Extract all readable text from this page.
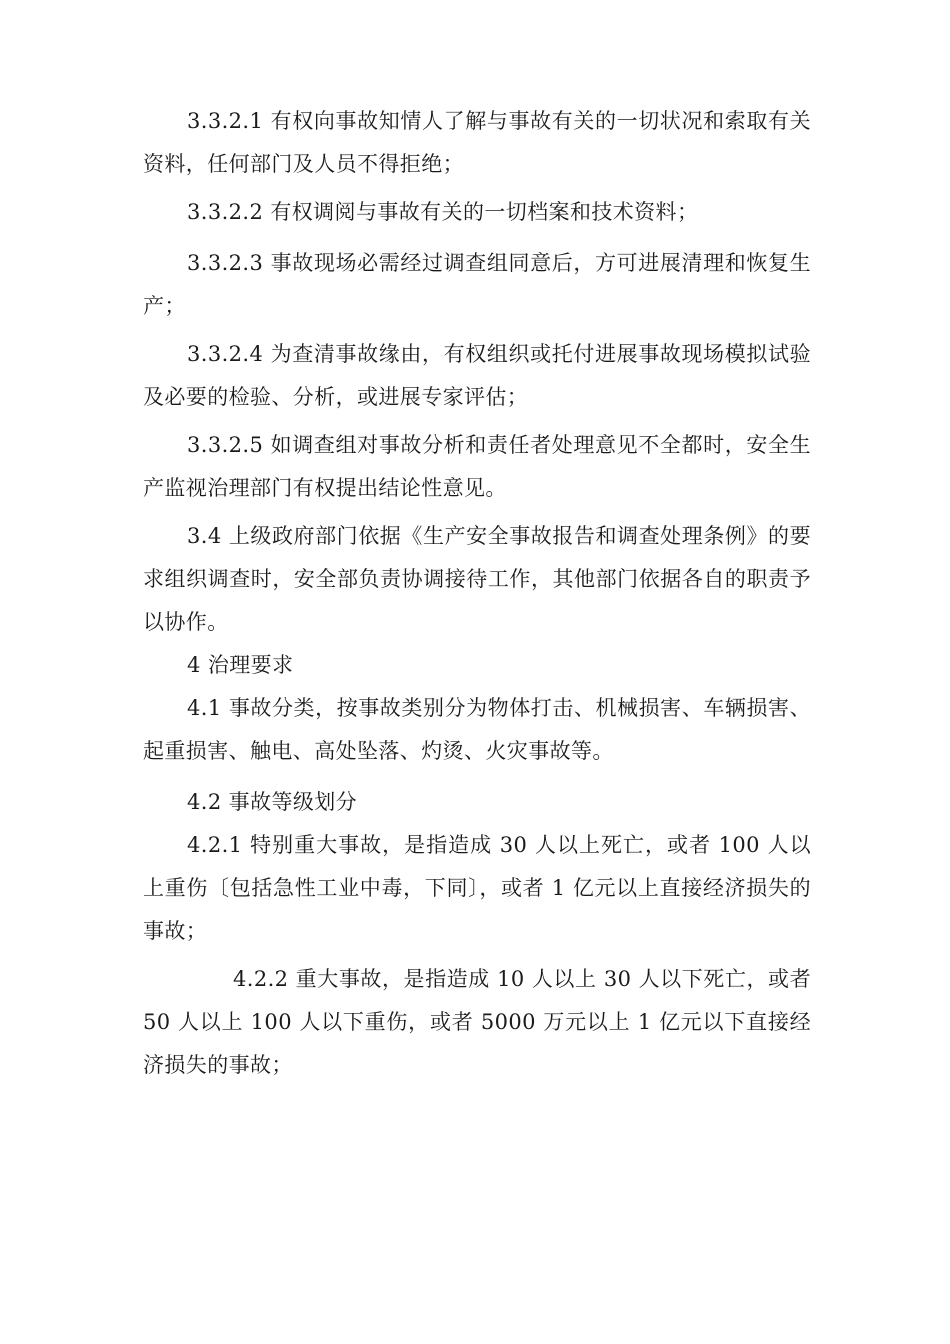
3.3.2.1 有权向事故知情人了解与事故有关的一切状况和索取有关资料，任何部门及人员不得拒绝；

3.3.2.2 有权调阅与事故有关的一切档案和技术资料；

3.3.2.3 事故现场必需经过调查组同意后，方可进展清理和恢复生产；

3.3.2.4 为查清事故缘由，有权组织或托付进展事故现场模拟试验及必要的检验、分析，或进展专家评估；

3.3.2.5 如调查组对事故分析和责任者处理意见不全都时，安全生产监视治理部门有权提出结论性意见。

3.4 上级政府部门依据《生产安全事故报告和调查处理条例》的要求组织调查时，安全部负责协调接待工作，其他部门依据各自的职责予以协作。

4 治理要求

4.1 事故分类，按事故类别分为物体打击、机械损害、车辆损害、起重损害、触电、高处坠落、灼烫、火灾事故等。

4.2 事故等级划分

4.2.1 特别重大事故，是指造成 30 人以上死亡，或者 100 人以上重伤〔包括急性工业中毒，下同〕，或者 1 亿元以上直接经济损失的事故；

4.2.2 重大事故，是指造成 10 人以上 30 人以下死亡，或者 50 人以上 100 人以下重伤，或者 5000 万元以上 1 亿元以下直接经济损失的事故；
